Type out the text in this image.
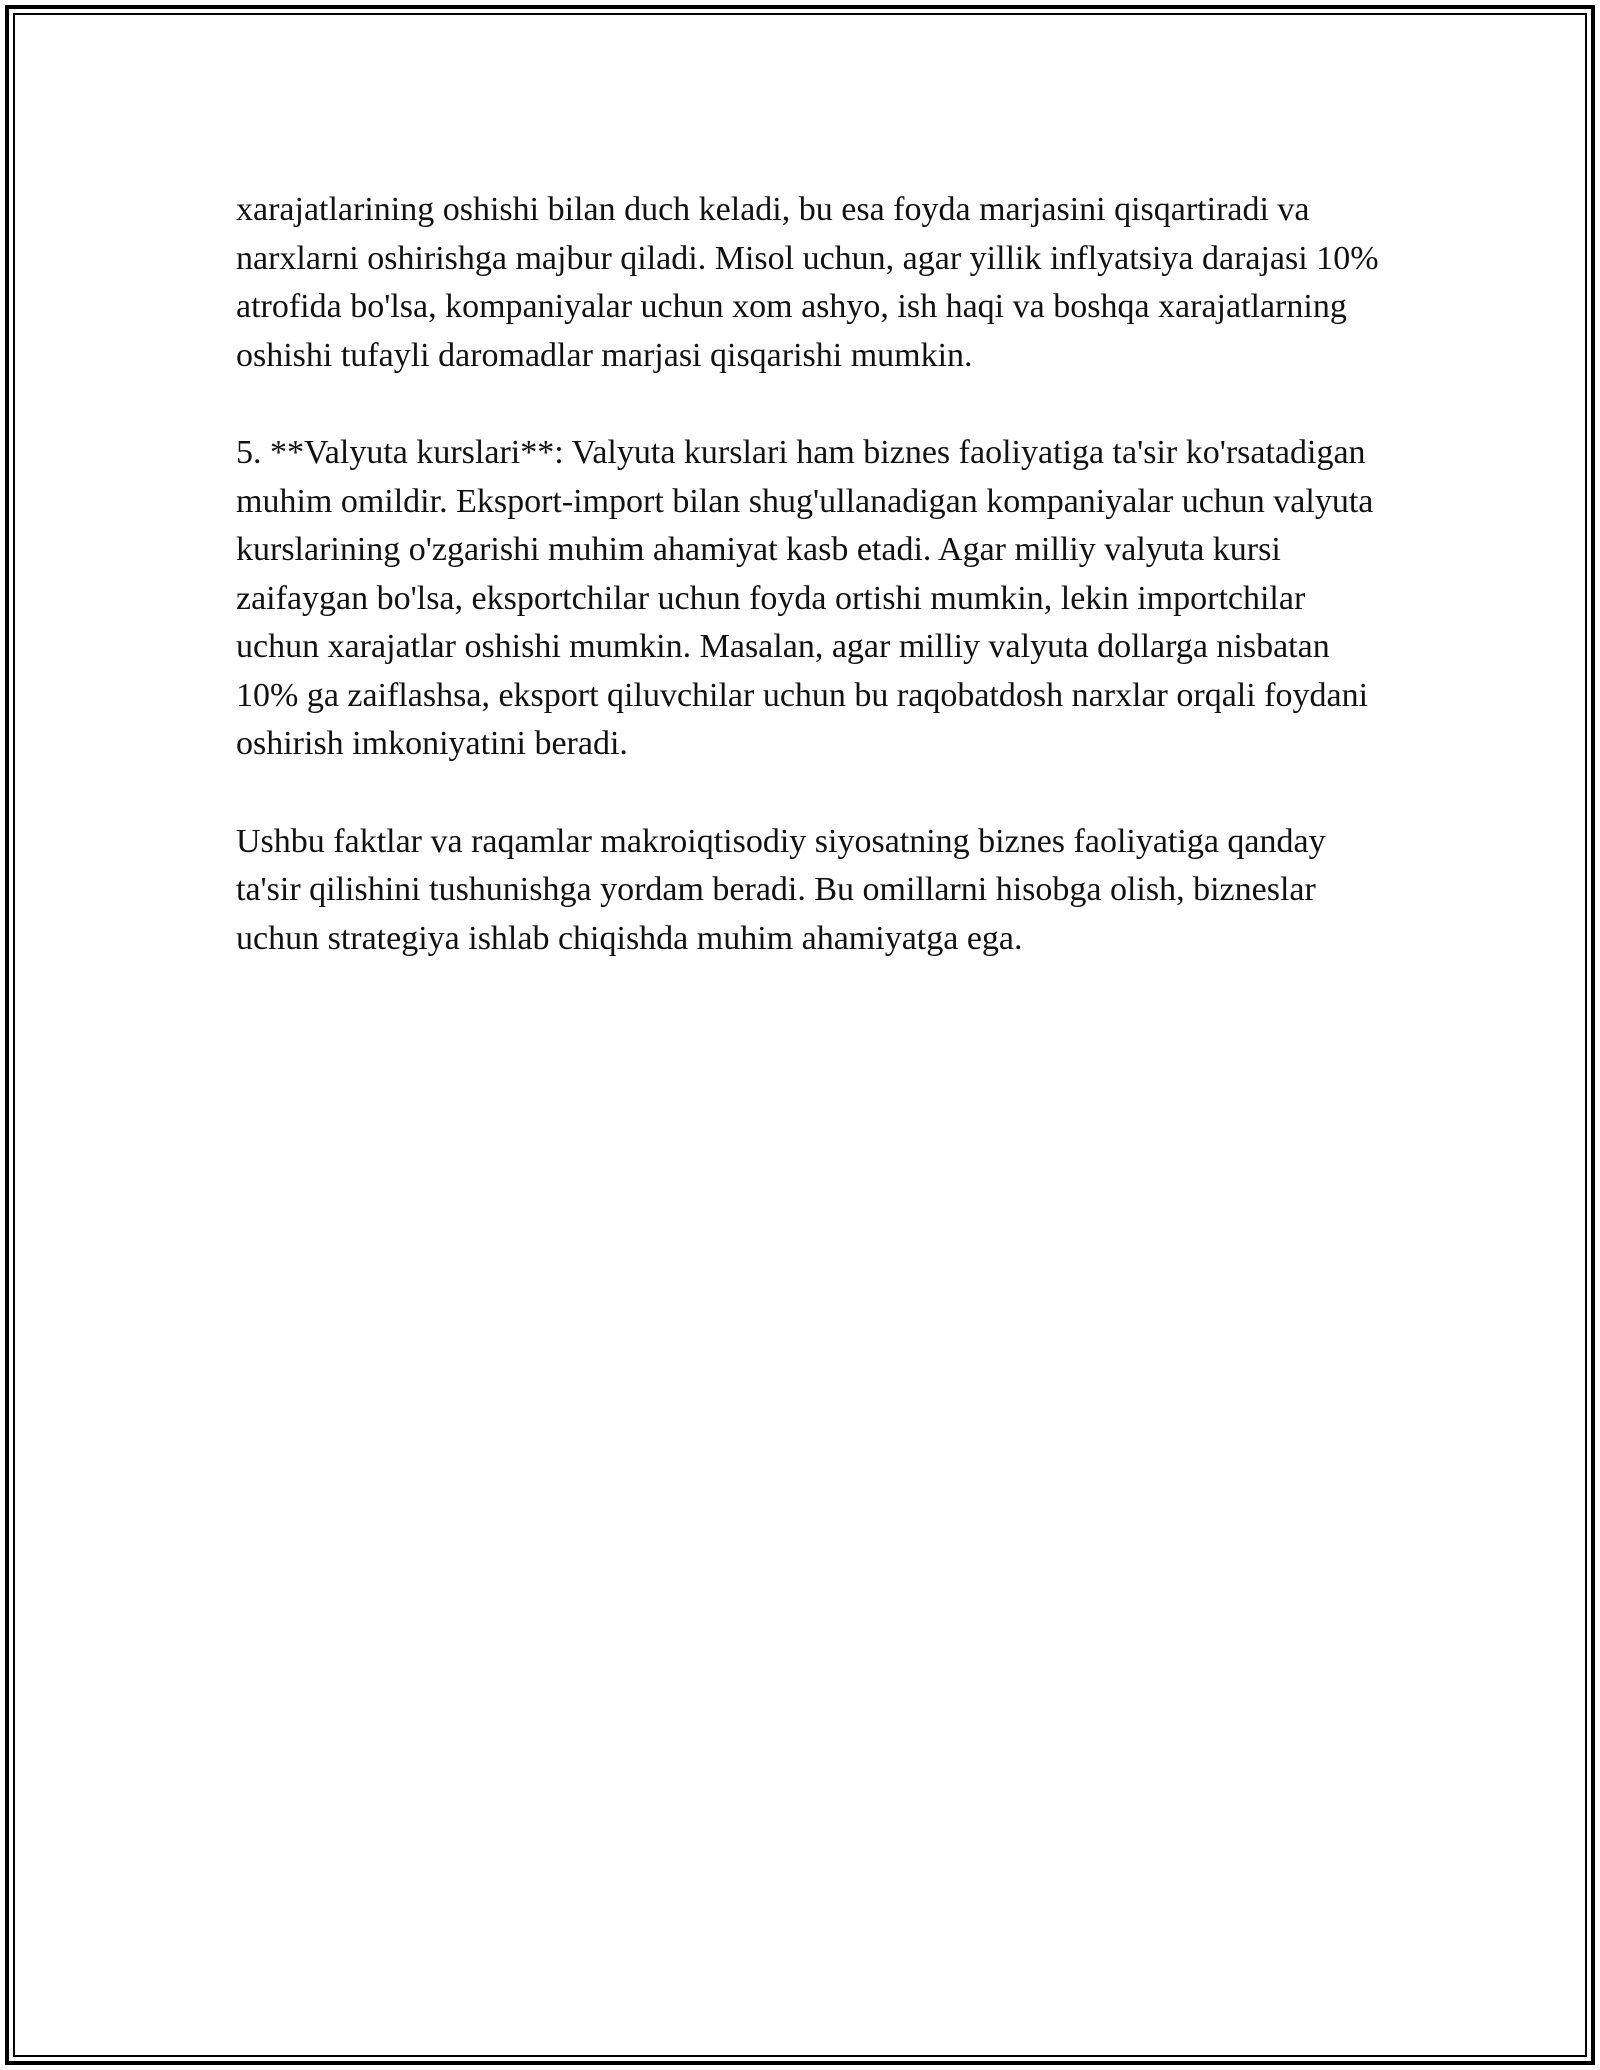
xarajatlarining oshishi bilan duch keladi, bu esa foyda marjasini qisqartiradi va narxlarni oshirishga majbur qiladi. Misol uchun, agar yillik inflyatsiya darajasi 10% atrofida bo'lsa, kompaniyalar uchun xom ashyo, ish haqi va boshqa xarajatlarning oshishi tufayli daromadlar marjasi qisqarishi mumkin.

5. **Valyuta kurslari**: Valyuta kurslari ham biznes faoliyatiga ta'sir ko'rsatadigan muhim omildir. Eksport-import bilan shug'ullanadigan kompaniyalar uchun valyuta kurslarining o'zgarishi muhim ahamiyat kasb etadi. Agar milliy valyuta kursi zaifaygan bo'lsa, eksportchilar uchun foyda ortishi mumkin, lekin importchilar uchun xarajatlar oshishi mumkin. Masalan, agar milliy valyuta dollarga nisbatan 10% ga zaiflashsa, eksport qiluvchilar uchun bu raqobatdosh narxlar orqali foydani oshirish imkoniyatini beradi.

Ushbu faktlar va raqamlar makroiqtisodiy siyosatning biznes faoliyatiga qanday ta'sir qilishini tushunishga yordam beradi. Bu omillarni hisobga olish, bizneslar uchun strategiya ishlab chiqishda muhim ahamiyatga ega.
